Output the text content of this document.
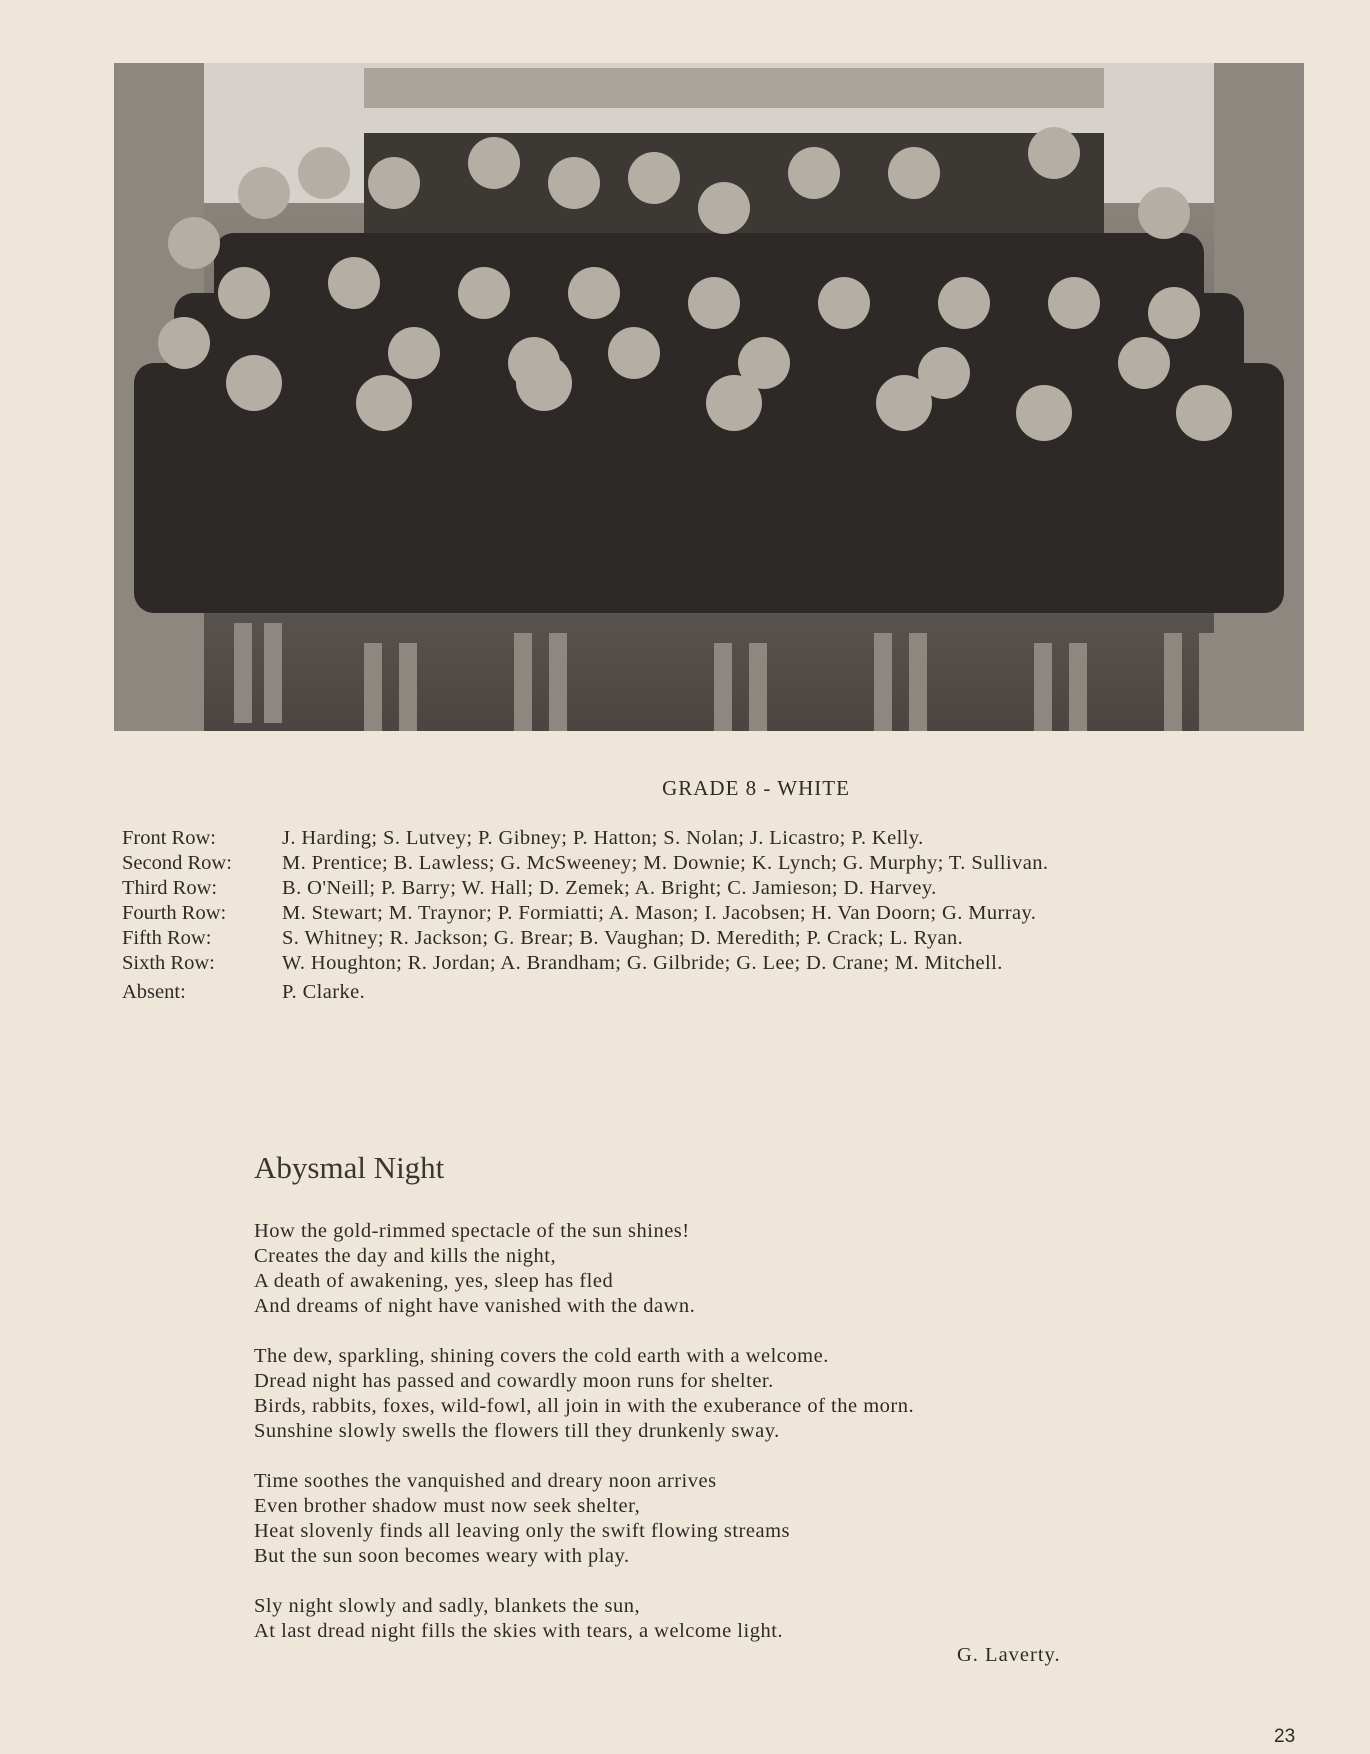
GRADE 8 - WHITE
Front Row:	J. Harding; S. Lutvey; P. Gibney; P. Hatton; S. Nolan; J. Licastro; P. Kelly.
Second Row:	M. Prentice; B. Lawless; G. McSweeney; M. Downie; K. Lynch; G. Murphy; T. Sullivan.
Third Row:	B. O'Neill; P. Barry; W. Hall; D. Zemek; A. Bright; C. Jamieson; D. Harvey.
Fourth Row:	M. Stewart; M. Traynor; P. Formiatti; A. Mason; I. Jacobsen; H. Van Doorn; G. Murray.
Fifth Row:	S. Whitney; R. Jackson; G. Brear; B. Vaughan; D. Meredith; P. Crack; L. Ryan.
Sixth Row:	W. Houghton; R. Jordan; A. Brandham; G. Gilbride; G. Lee; D. Crane; M. Mitchell.
Absent:	P. Clarke.
Abysmal Night
How the gold-rimmed spectacle of the sun shines!
Creates the day and kills the night,
A death of awakening, yes, sleep has fled
And dreams of night have vanished with the dawn.
The dew, sparkling, shining covers the cold earth with a welcome.
Dread night has passed and cowardly moon runs for shelter.
Birds, rabbits, foxes, wild-fowl, all join in with the exuberance of the morn.
Sunshine slowly swells the flowers till they drunkenly sway.
Time soothes the vanquished and dreary noon arrives
Even brother shadow must now seek shelter,
Heat slovenly finds all leaving only the swift flowing streams
But the sun soon becomes weary with play.
Sly night slowly and sadly, blankets the sun,
At last dread night fills the skies with tears, a welcome light.
G. Laverty.
23
